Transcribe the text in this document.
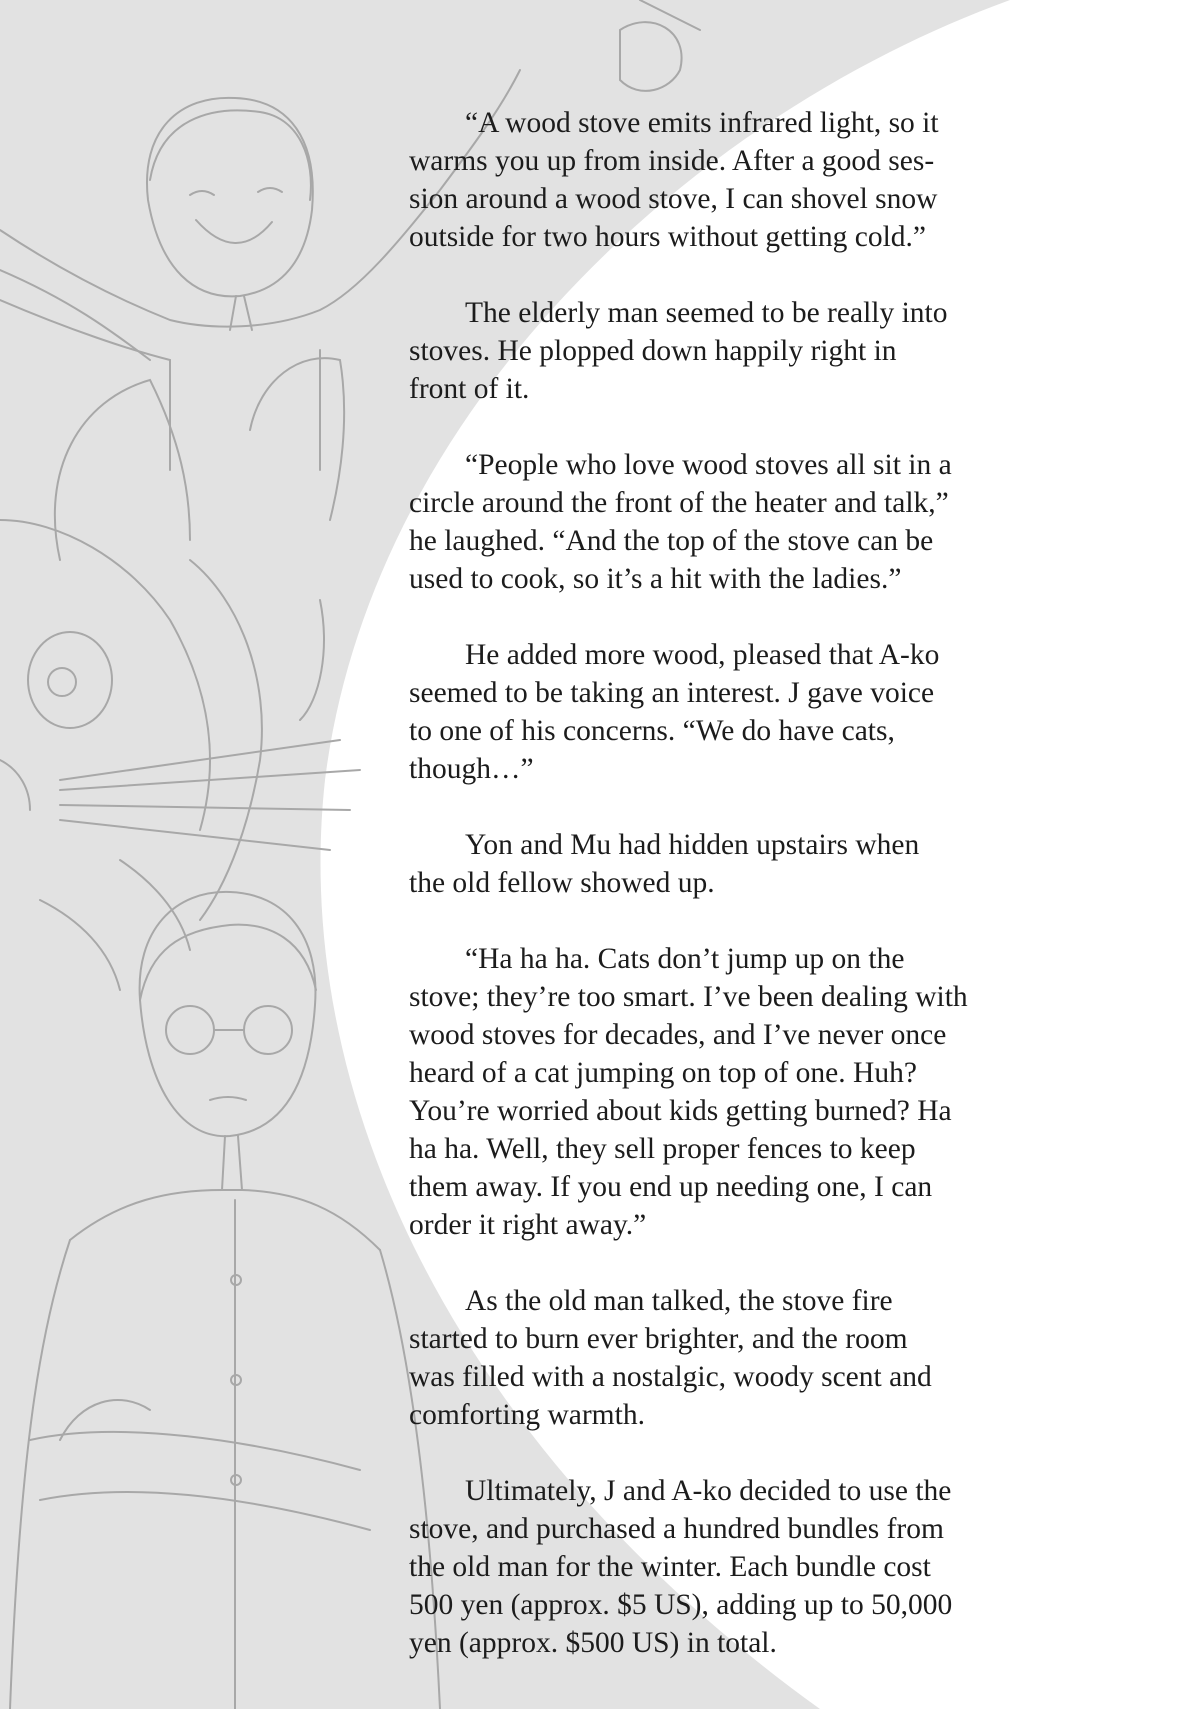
“A wood stove emits infrared light, so it
warms you up from inside. After a good ses-
sion around a wood stove, I can shovel snow
outside for two hours without getting cold.”

The elderly man seemed to be really into
stoves. He plopped down happily right in
front of it.

“People who love wood stoves all sit in a
circle around the front of the heater and talk,”
he laughed. “And the top of the stove can be
used to cook, so it’s a hit with the ladies.”

He added more wood, pleased that A-ko
seemed to be taking an interest. J gave voice
to one of his concerns. “We do have cats,
though…”

Yon and Mu had hidden upstairs when
the old fellow showed up.

“Ha ha ha. Cats don’t jump up on the
stove; they’re too smart. I’ve been dealing with
wood stoves for decades, and I’ve never once
heard of a cat jumping on top of one. Huh?
You’re worried about kids getting burned? Ha
ha ha. Well, they sell proper fences to keep
them away. If you end up needing one, I can
order it right away.”

As the old man talked, the stove fire
started to burn ever brighter, and the room
was filled with a nostalgic, woody scent and
comforting warmth.

Ultimately, J and A-ko decided to use the
stove, and purchased a hundred bundles from
the old man for the winter. Each bundle cost
500 yen (approx. $5 US), adding up to 50,000
yen (approx. $500 US) in total.
